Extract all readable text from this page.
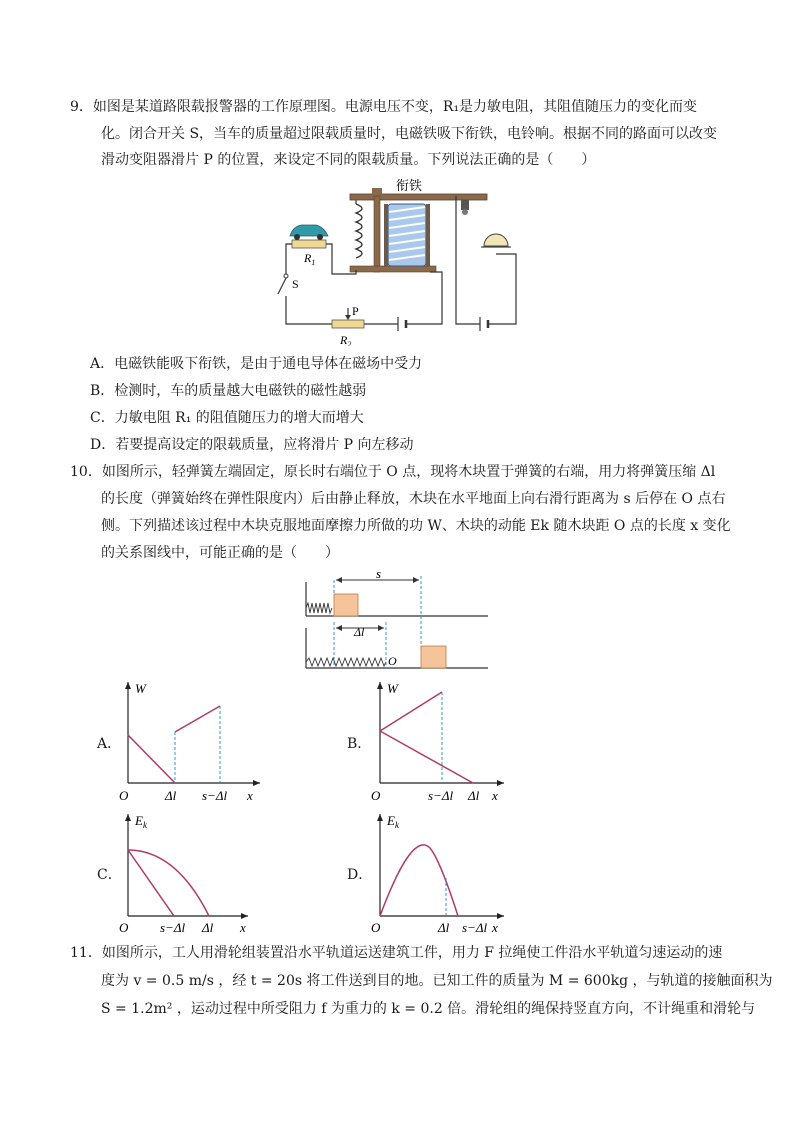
9．如图是某道路限载报警器的工作原理图。电源电压不变，R₁是力敏电阻，其阻值随压力的变化而变
化。闭合开关 S，当车的质量超过限载质量时，电磁铁吸下衔铁，电铃响。根据不同的路面可以改变
滑动变阻器滑片 P 的位置，来设定不同的限载质量。下列说法正确的是（　　）
衔铁
$R_1$
S
P
$R_2$
A．电磁铁能吸下衔铁，是由于通电导体在磁场中受力
B．检测时，车的质量越大电磁铁的磁性越弱
C．力敏电阻 R₁ 的阻值随压力的增大而增大
D．若要提高设定的限载质量，应将滑片 P 向左移动
10．如图所示，轻弹簧左端固定，原长时右端位于 O 点，现将木块置于弹簧的右端，用力将弹簧压缩 Δl
的长度（弹簧始终在弹性限度内）后由静止释放，木块在水平地面上向右滑行距离为 s 后停在 O 点右
侧。下列描述该过程中木块克服地面摩擦力所做的功 W、木块的动能 Ek 随木块距 O 点的长度 x 变化
的关系图线中，可能正确的是（　　）
s
Δl
O
A．
W
O	x
Δl s−Δl
B．
W
O	x
s−Δl Δl
C．
$E_k$
O	x
s−Δl Δl
D．
$E_k$
O	x
Δl s−Δl
11．如图所示，工人用滑轮组装置沿水平轨道运送建筑工件，用力 F 拉绳使工件沿水平轨道匀速运动的速
度为 v = 0.5 m/s ，经 t = 20s 将工件送到目的地。已知工件的质量为 M = 600kg ，与轨道的接触面积为
S = 1.2m² ，运动过程中所受阻力 f 为重力的 k = 0.2 倍。滑轮组的绳保持竖直方向，不计绳重和滑轮与
